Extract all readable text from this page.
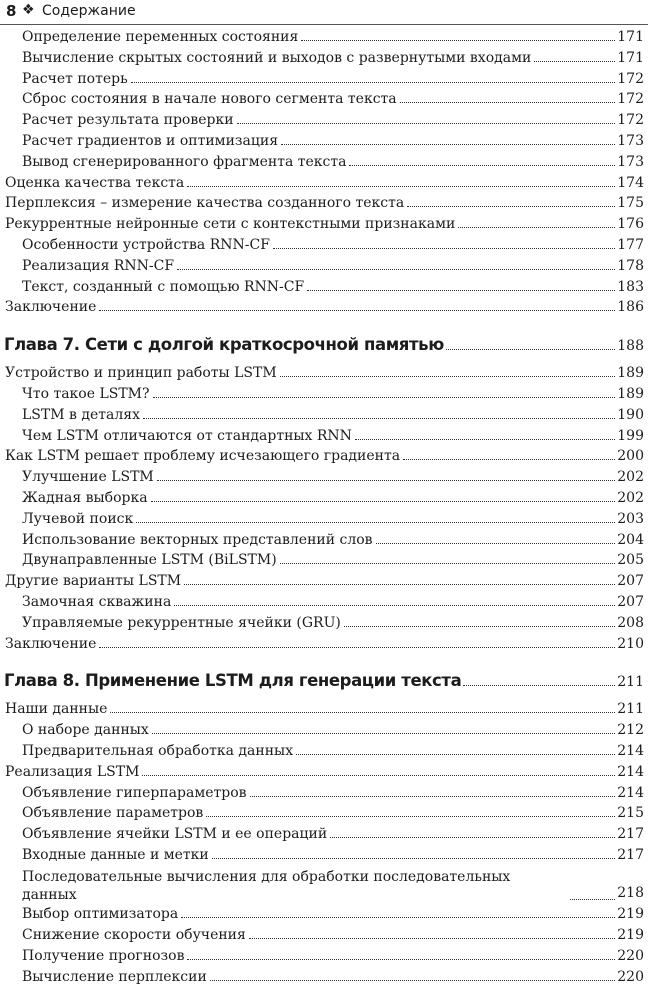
8 ❖ Содержание
Определение переменных состояния	171
Вычисление скрытых состояний и выходов с развернутыми входами	171
Расчет потерь	172
Сброс состояния в начале нового сегмента текста	172
Расчет результата проверки	172
Расчет градиентов и оптимизация	173
Вывод сгенерированного фрагмента текста	173
Оценка качества текста	174
Перплексия – измерение качества созданного текста	175
Рекуррентные нейронные сети с контекстными признаками	176
Особенности устройства RNN-CF	177
Реализация RNN-CF	178
Текст, созданный с помощью RNN-CF	183
Заключение	186
Глава 7. Сети с долгой краткосрочной памятью	188
Устройство и принцип работы LSTM	189
Что такое LSTM?	189
LSTM в деталях	190
Чем LSTM отличаются от стандартных RNN	199
Как LSTM решает проблему исчезающего градиента	200
Улучшение LSTM	202
Жадная выборка	202
Лучевой поиск	203
Использование векторных представлений слов	204
Двунаправленные LSTM (BiLSTM)	205
Другие варианты LSTM	207
Замочная скважина	207
Управляемые рекуррентные ячейки (GRU)	208
Заключение	210
Глава 8. Применение LSTM для генерации текста	211
Наши данные	211
О наборе данных	212
Предварительная обработка данных	214
Реализация LSTM	214
Объявление гиперпараметров	214
Объявление параметров	215
Объявление ячейки LSTM и ее операций	217
Входные данные и метки	217
Последовательные вычисления для обработки последовательных данных	218
Выбор оптимизатора	219
Снижение скорости обучения	219
Получение прогнозов	220
Вычисление перплексии	220
